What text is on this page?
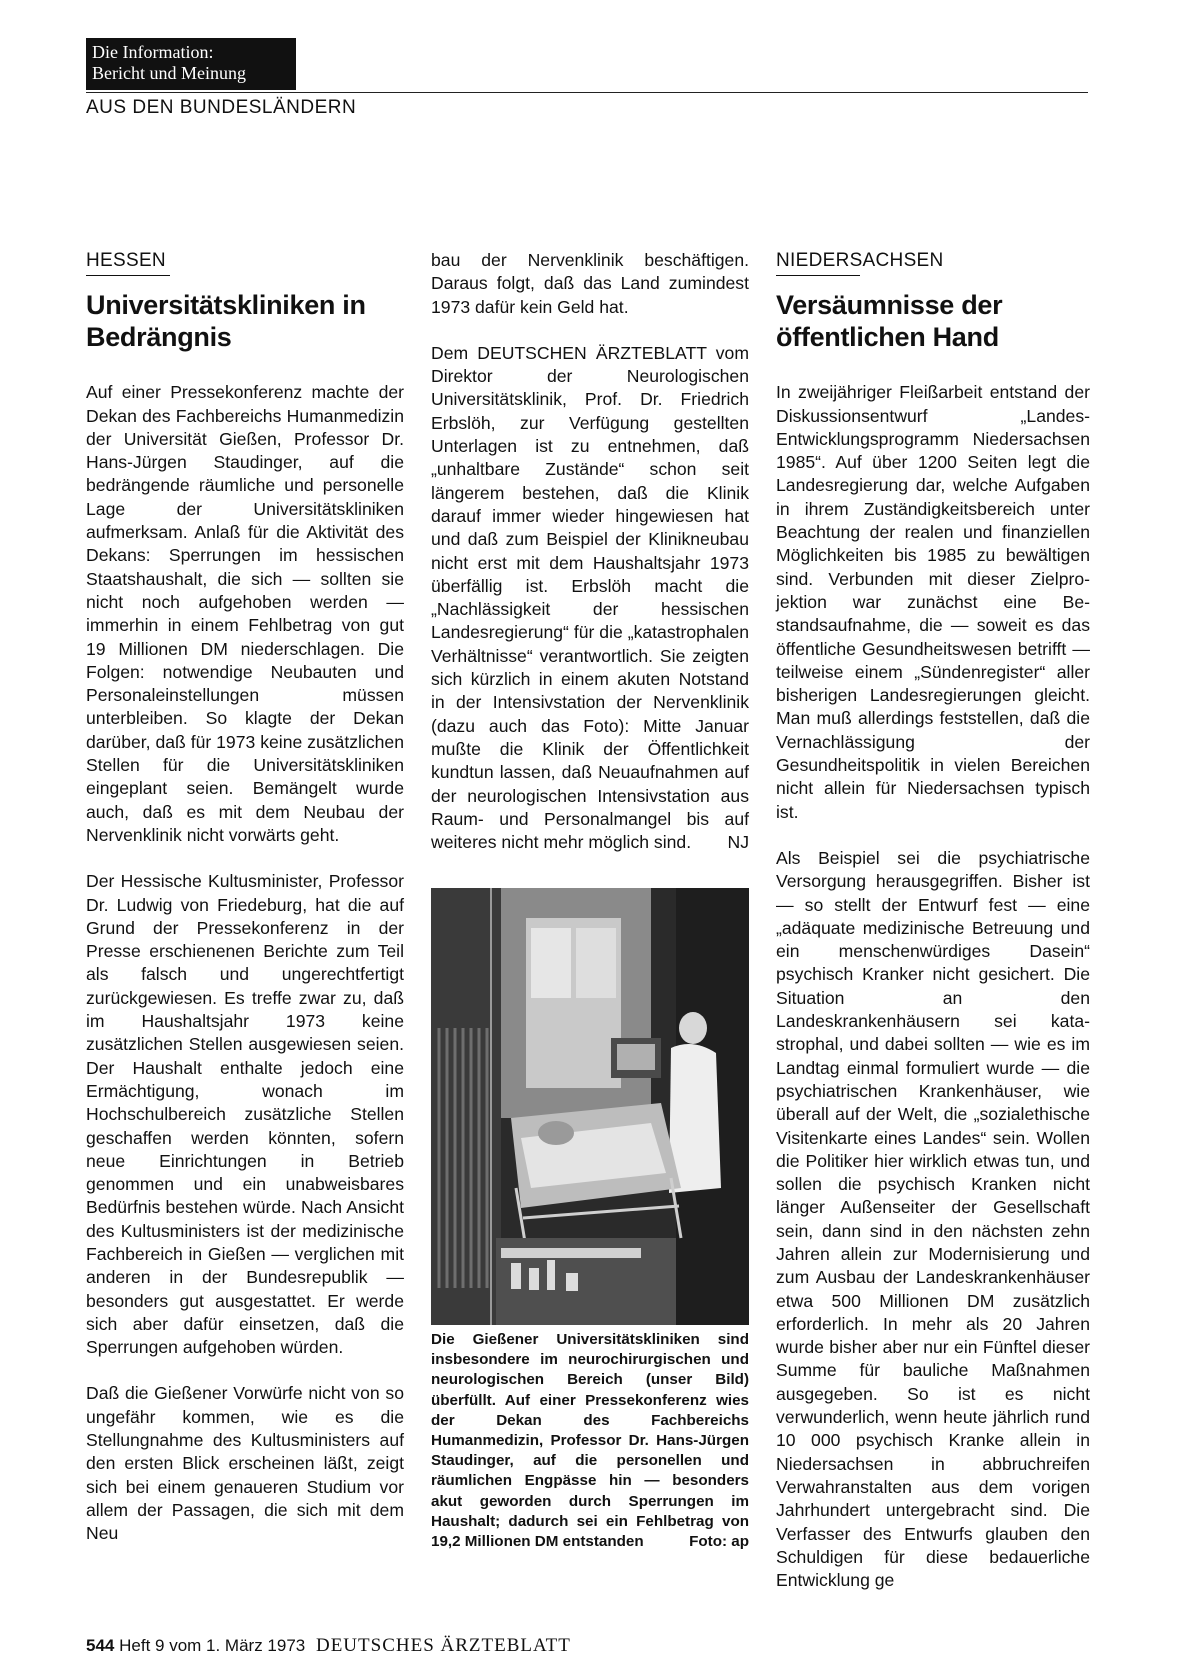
Die Information:
Bericht und Meinung
AUS DEN BUNDESLÄNDERN
HESSEN
Universitätskliniken in Bedrängnis

Auf einer Pressekonferenz machte der Dekan des Fachbereichs Humanmedizin der Universität Gießen, Professor Dr. Hans-Jürgen Staudinger, auf die bedrängende räumliche und personelle Lage der Universitätskliniken aufmerksam. Anlaß für die Aktivität des Dekans: Sperrungen im hessischen Staatshaushalt, die sich — sollten sie nicht noch aufgehoben werden — immerhin in einem Fehlbetrag von gut 19 Millionen DM niederschlagen. Die Folgen: notwendige Neubauten und Personaleinstellungen müssen unterbleiben. So klagte der Dekan darüber, daß für 1973 keine zusätzlichen Stellen für die Universitätskliniken eingeplant seien. Bemängelt wurde auch, daß es mit dem Neubau der Nervenklinik nicht vorwärts geht.

Der Hessische Kultusminister, Professor Dr. Ludwig von Friedeburg, hat die auf Grund der Pressekonferenz in der Presse erschienenen Berichte zum Teil als falsch und ungerechtfertigt zurückgewiesen. Es treffe zwar zu, daß im Haushaltsjahr 1973 keine zusätzlichen Stellen ausgewiesen seien. Der Haushalt enthalte jedoch eine Ermächtigung, wonach im Hochschulbereich zusätzliche Stellen geschaffen werden könnten, sofern neue Einrichtungen in Betrieb genommen und ein unabweisbares Bedürfnis bestehen würde. Nach Ansicht des Kultusministers ist der medizinische Fachbereich in Gießen — verglichen mit anderen in der Bundesrepublik — besonders gut ausgestattet. Er werde sich aber dafür einsetzen, daß die Sperrungen aufgehoben würden.

Daß die Gießener Vorwürfe nicht von so ungefähr kommen, wie es die Stellungnahme des Kultusministers auf den ersten Blick erscheinen läßt, zeigt sich bei einem genaueren Studium vor allem der Passagen, die sich mit dem Neu

bau der Nervenklinik beschäftigen. Daraus folgt, daß das Land zumindest 1973 dafür kein Geld hat.

Dem DEUTSCHEN ÄRZTEBLATT vom Direktor der Neurologischen Universitätsklinik, Prof. Dr. Friedrich Erbslöh, zur Verfügung gestellten Unterlagen ist zu entnehmen, daß „unhaltbare Zustände“ schon seit längerem bestehen, daß die Klinik darauf immer wieder hingewiesen hat und daß zum Beispiel der Klinikneubau nicht erst mit dem Haushaltsjahr 1973 überfällig ist. Erbslöh macht die „Nachlässigkeit der hessischen Landesregierung“ für die „katastrophalen Verhältnisse“ verantwortlich. Sie zeigten sich kürzlich in einem akuten Notstand in der Intensivstation der Nervenklinik (dazu auch das Foto): Mitte Januar mußte die Klinik der Öffentlichkeit kundtun lassen, daß Neuaufnahmen auf der neurologischen Intensivstation aus Raum- und Personalmangel bis auf weiteres nicht mehr möglich sind. NJ

Die Gießener Universitätskliniken sind insbesondere im neurochirurgischen und neurologischen Bereich (unser Bild) überfüllt. Auf einer Pressekonferenz wies der Dekan des Fachbereichs Humanmedizin, Professor Dr. Hans-Jürgen Staudinger, auf die personellen und räumlichen Engpässe hin — besonders akut geworden durch Sperrungen im Haushalt; dadurch sei ein Fehlbetrag von 19,2 Millionen DM entstanden	Foto: ap
NIEDERSACHSEN
Versäumnisse der öffentlichen Hand

In zweijähriger Fleißarbeit entstand der Diskussionsentwurf „Landes-Entwicklungsprogramm Niedersachsen 1985“. Auf über 1200 Seiten legt die Landesregierung dar, welche Aufgaben in ihrem Zuständigkeitsbereich unter Beachtung der realen und finanziellen Möglichkeiten bis 1985 zu bewältigen sind. Verbunden mit dieser Zielprojektion war zunächst eine Bestandsaufnahme, die — soweit es das öffentliche Gesundheitswesen betrifft — teilweise einem „Sündenregister“ aller bisherigen Landesregierungen gleicht. Man muß allerdings feststellen, daß die Vernachlässigung der Gesundheitspolitik in vielen Bereichen nicht allein für Niedersachsen typisch ist.

Als Beispiel sei die psychiatrische Versorgung herausgegriffen. Bisher ist — so stellt der Entwurf fest — eine „adäquate medizinische Betreuung und ein menschenwürdiges Dasein“ psychisch Kranker nicht gesichert. Die Situation an den Landeskrankenhäusern sei katastrophal, und dabei sollten — wie es im Landtag einmal formuliert wurde — die psychiatrischen Krankenhäuser, wie überall auf der Welt, die „sozialethische Visitenkarte eines Landes“ sein. Wollen die Politiker hier wirklich etwas tun, und sollen die psychisch Kranken nicht länger Außenseiter der Gesellschaft sein, dann sind in den nächsten zehn Jahren allein zur Modernisierung und zum Ausbau der Landeskrankenhäuser etwa 500 Millionen DM zusätzlich erforderlich. In mehr als 20 Jahren wurde bisher aber nur ein Fünftel dieser Summe für bauliche Maßnahmen ausgegeben. So ist es nicht verwunderlich, wenn heute jährlich rund 10 000 psychisch Kranke allein in Niedersachsen in abbruchreifen Verwahranstalten aus dem vorigen Jahrhundert untergebracht sind. Die Verfasser des Entwurfs glauben den Schuldigen für diese bedauerliche Entwicklung ge

544 Heft 9 vom 1. März 1973 DEUTSCHES ÄRZTEBLATT
